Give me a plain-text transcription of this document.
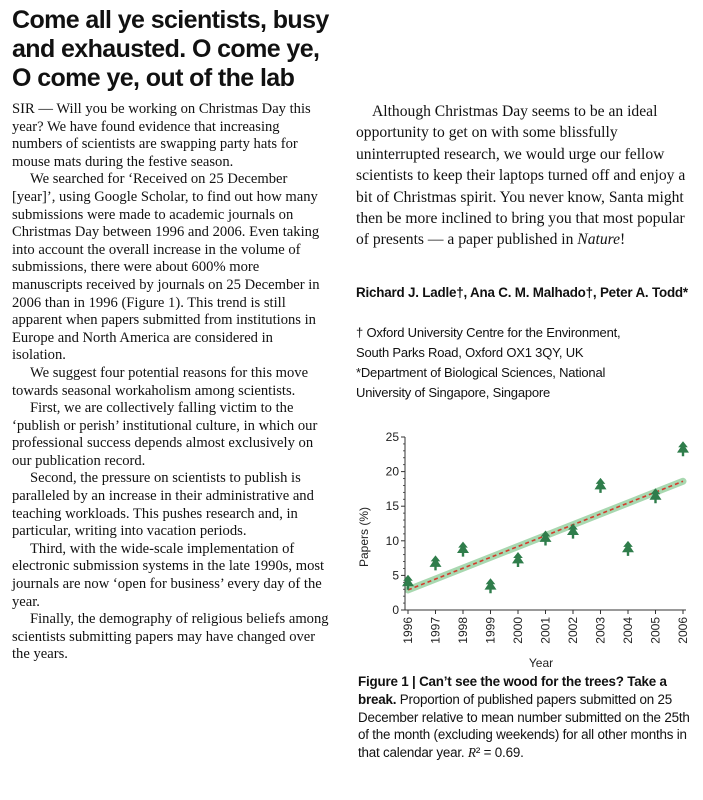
Come all ye scientists, busy and exhausted. O come ye, O come ye, out of the lab

SIR — Will you be working on Christmas Day this year? We have found evidence that increasing numbers of scientists are swapping party hats for mouse mats during the festive season.

We searched for ‘Received on 25 December [year]’, using Google Scholar, to find out how many submissions were made to academic journals on Christmas Day between 1996 and 2006. Even taking into account the overall increase in the volume of submissions, there were about 600% more manuscripts received by journals on 25 December in 2006 than in 1996 (Figure 1). This trend is still apparent when papers submitted from institutions in Europe and North America are considered in isolation.

We suggest four potential reasons for this move towards seasonal workaholism among scientists.

First, we are collectively falling victim to the ‘publish or perish’ institutional culture, in which our professional success depends almost exclusively on our publication record.

Second, the pressure on scientists to publish is paralleled by an increase in their administrative and teaching workloads. This pushes research and, in particular, writing into vacation periods.

Third, with the wide-scale implementation of electronic submission systems in the late 1990s, most journals are now ‘open for business’ every day of the year.

Finally, the demography of religious beliefs among scientists submitting papers may have changed over the years.

Although Christmas Day seems to be an ideal opportunity to get on with some blissfully uninterrupted research, we would urge our fellow scientists to keep their laptops turned off and enjoy a bit of Christmas spirit. You never know, Santa might then be more inclined to bring you that most popular of presents — a paper published in Nature!

Richard J. Ladle†, Ana C. M. Malhado†, Peter A. Todd*
† Oxford University Centre for the Environment,
South Parks Road, Oxford OX1 3QY, UK
*Department of Biological Sciences, National
University of Singapore, Singapore
0
5
10
15
20
25
1996 1997 1998 1999 2000 2001 2002 2003 2004 2005 2006
Papers (%)
Year
Figure 1 | Can’t see the wood for the trees? Take a break. Proportion of published papers submitted on 25 December relative to mean number submitted on the 25th of the month (excluding weekends) for all other months in that calendar year. R² = 0.69.
